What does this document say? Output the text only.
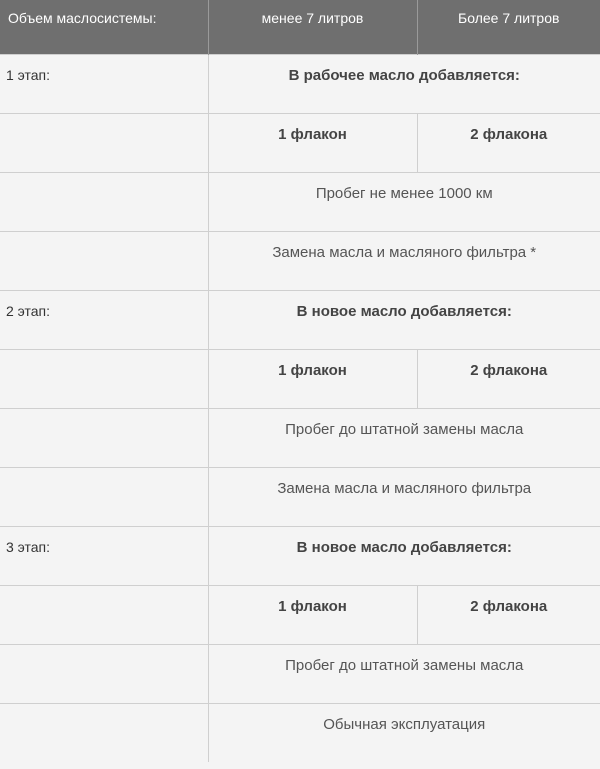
Объем маслосистемы:	менее 7 литров	Более 7 литров

1 этап:	В рабочее масло добавляется:	

	1 флакон	2 флакона

	Пробег не менее 1000 км	

	Замена масла и масляного фильтра *	

2 этап:	В новое масло добавляется:	

	1 флакон	2 флакона

	Пробег до штатной замены масла	

	Замена масла и масляного фильтра	

3 этап:	В новое масло добавляется:	

	1 флакон	2 флакона

	Пробег до штатной замены масла	

	Обычная эксплуатация	
